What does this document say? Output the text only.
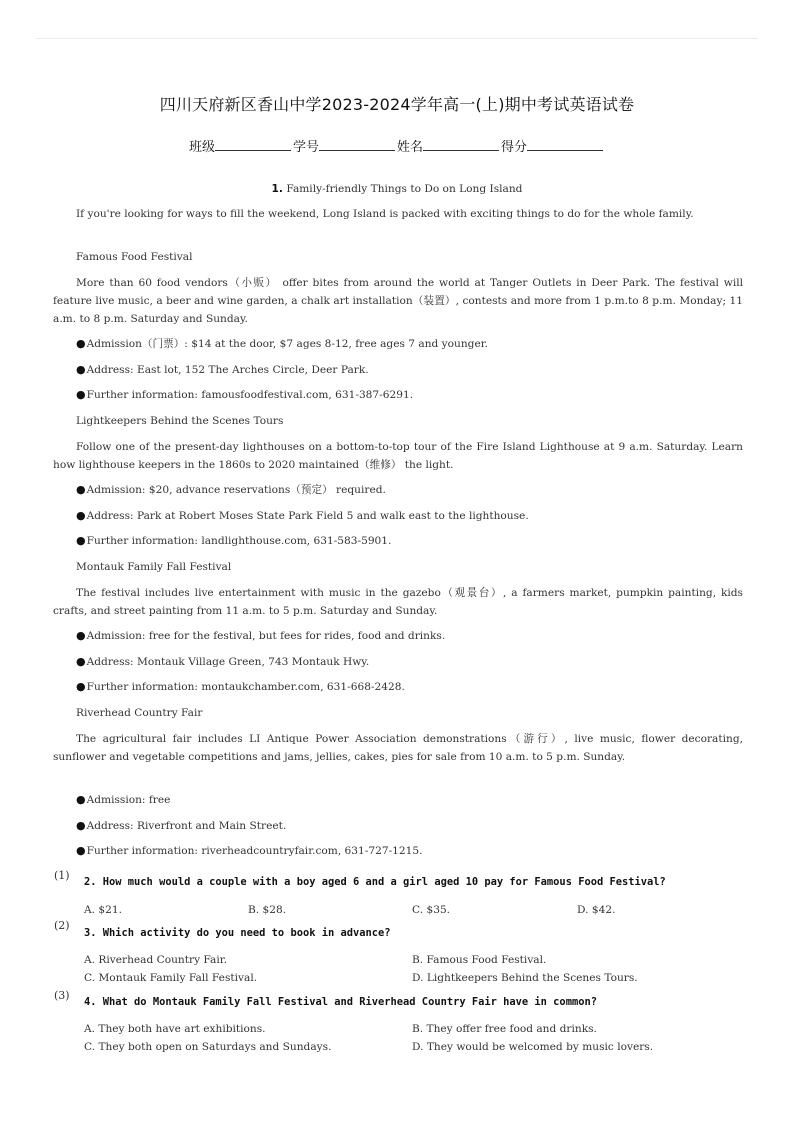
四川天府新区香山中学2023-2024学年高一(上)期中考试英语试卷
班级	学号	姓名	得分
1. Family-friendly Things to Do on Long Island

If you're looking for ways to fill the weekend, Long Island is packed with exciting things to do for the whole family.

Famous Food Festival

More than 60 food vendors（小贩） offer bites from around the world at Tanger Outlets in Deer Park. The festival will feature live music, a beer and wine garden, a chalk art installation（装置）, contests and more from 1 p.m.to 8 p.m. Monday; 11 a.m. to 8 p.m. Saturday and Sunday.

●Admission（门票）: $14 at the door, $7 ages 8-12, free ages 7 and younger.
●Address: East lot, 152 The Arches Circle, Deer Park.
●Further information: famousfoodfestival.com, 631-387-6291.
Lightkeepers Behind the Scenes Tours

Follow one of the present-day lighthouses on a bottom-to-top tour of the Fire Island Lighthouse at 9 a.m. Saturday. Learn how lighthouse keepers in the 1860s to 2020 maintained（维修） the light.

●Admission: $20, advance reservations（预定） required.
●Address: Park at Robert Moses State Park Field 5 and walk east to the lighthouse.
●Further information: landlighthouse.com, 631-583-5901.
Montauk Family Fall Festival

The festival includes live entertainment with music in the gazebo（观景台）, a farmers market, pumpkin painting, kids crafts, and street painting from 11 a.m. to 5 p.m. Saturday and Sunday.

●Admission: free for the festival, but fees for rides, food and drinks.
●Address: Montauk Village Green, 743 Montauk Hwy.
●Further information: montaukchamber.com, 631-668-2428.
Riverhead Country Fair

The agricultural fair includes LI Antique Power Association demonstrations（游行）, live music, flower decorating, sunflower and vegetable competitions and jams, jellies, cakes, pies for sale from 10 a.m. to 5 p.m. Sunday.

●Admission: free
●Address: Riverfront and Main Street.
●Further information: riverheadcountryfair.com, 631-727-1215.
(1) 2. How much would a couple with a boy aged 6 and a girl aged 10 pay for Famous Food Festival?
A. $21.	B. $28.	C. $35.	D. $42.
(2)
3. Which activity do you need to book in advance?
A. Riverhead Country Fair.	B. Famous Food Festival.
C. Montauk Family Fall Festival.	D. Lightkeepers Behind the Scenes Tours.
(3) 4. What do Montauk Family Fall Festival and Riverhead Country Fair have in common?
A. They both have art exhibitions.	B. They offer free food and drinks.
C. They both open on Saturdays and Sundays.	D. They would be welcomed by music lovers.
